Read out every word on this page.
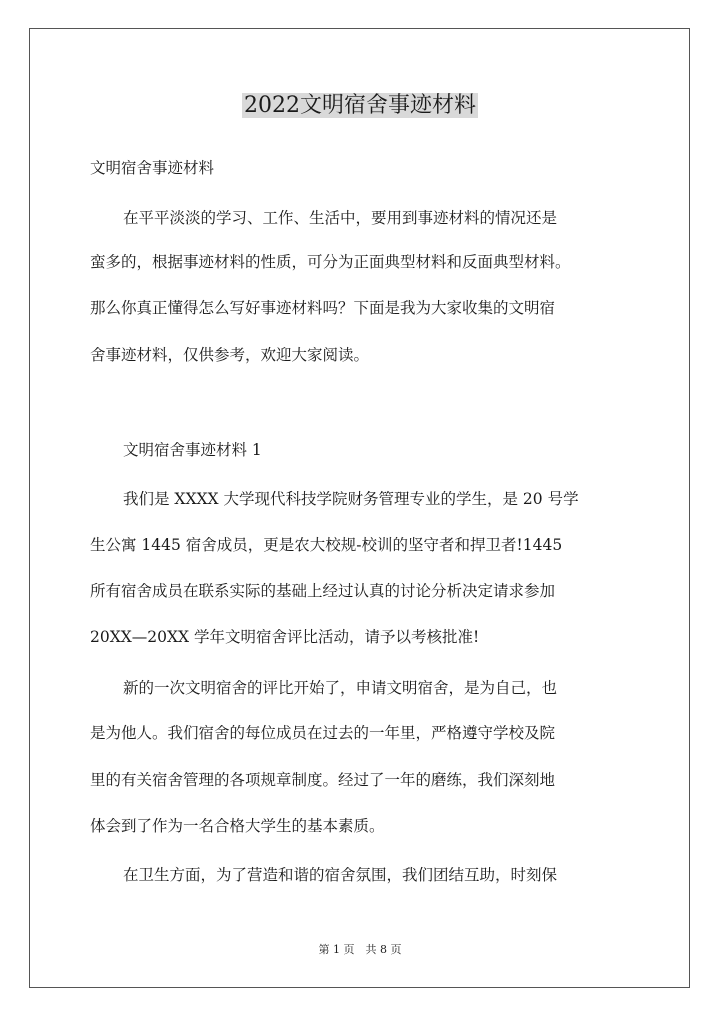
2022文明宿舍事迹材料
文明宿舍事迹材料
在平平淡淡的学习、工作、生活中，要用到事迹材料的情况还是
蛮多的，根据事迹材料的性质，可分为正面典型材料和反面典型材料。
那么你真正懂得怎么写好事迹材料吗？下面是我为大家收集的文明宿
舍事迹材料，仅供参考，欢迎大家阅读。
文明宿舍事迹材料 1
我们是 XXXX 大学现代科技学院财务管理专业的学生，是 20 号学
生公寓 1445 宿舍成员，更是农大校规-校训的坚守者和捍卫者!1445
所有宿舍成员在联系实际的基础上经过认真的讨论分析决定请求参加
20XX—20XX 学年文明宿舍评比活动，请予以考核批准!
新的一次文明宿舍的评比开始了，申请文明宿舍，是为自己，也
是为他人。我们宿舍的每位成员在过去的一年里，严格遵守学校及院
里的有关宿舍管理的各项规章制度。经过了一年的磨练，我们深刻地
体会到了作为一名合格大学生的基本素质。
在卫生方面，为了营造和谐的宿舍氛围，我们团结互助，时刻保
第 1 页　共 8 页
